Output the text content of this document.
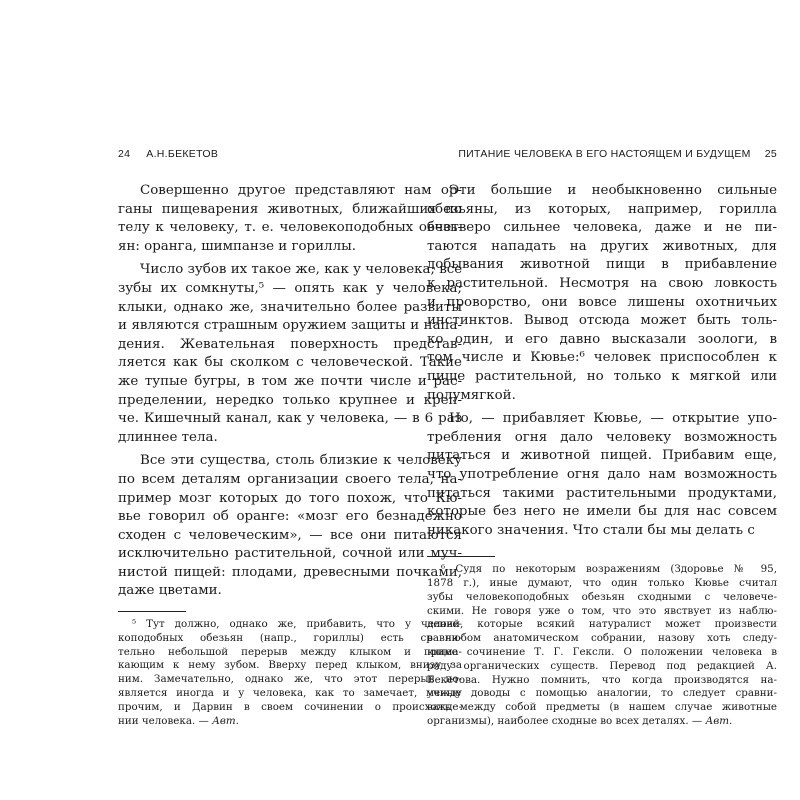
24 А.Н.БЕКЕТОВ
Совершенно другое представляют нам ор-
ганы пищеварения животных, ближайших по
телу к человеку, т. е. человекоподобных обезь-
ян: оранга, шимпанзе и гориллы.
Число зубов их такое же, как у человека; все
зубы их сомкнуты,⁵ — опять как у человека;
клыки, однако же, значительно более развиты
и являются страшным оружием защиты и напа-
дения. Жевательная поверхность представ-
ляется как бы сколком с человеческой. Такие
же тупые бугры, в том же почти числе и рас-
пределении, нередко только крупнее и креп-
че. Кишечный канал, как у человека, — в 6 раз
длиннее тела.
Все эти существа, столь близкие к человеку
по всем деталям организации своего тела, на-
пример мозг которых до того похож, что Кю-
вье говорил об оранге: «мозг его безнадежно
сходен с человеческим», — все они питаются
исключительно растительной, сочной или муч-
нистой пищей: плодами, древесными почками,
даже цветами.
⁵ Тут должно, однако же, прибавить, что у челове-
коподобных обезьян (напр., гориллы) есть сравни-
тельно небольшой перерыв между клыком и прима-
кающим к нему зубом. Вверху перед клыком, внизу за
ним. Замечательно, однако же, что этот перерыв по-
является иногда и у человека, как то замечает, между
прочим, и Дарвин в своем сочинении о происхожде-
нии человека. — Авт.
ПИТАНИЕ ЧЕЛОВЕКА В ЕГО НАСТОЯЩЕМ И БУДУЩЕМ 25
Эти большие и необыкновенно сильные
обезьяны, из которых, например, горилла
вчетверо сильнее человека, даже и не пи-
таются нападать на других животных, для
добывания животной пищи в прибавление
к растительной. Несмотря на свою ловкость
и проворство, они вовсе лишены охотничьих
инстинктов. Вывод отсюда может быть толь-
ко один, и его давно высказали зоологи, в
том числе и Кювье:⁶ человек приспособлен к
пище растительной, но только к мягкой или
полумягкой.
Но, — прибавляет Кювье, — открытие упо-
требления огня дало человеку возможность
питаться и животной пищей. Прибавим еще,
что употребление огня дало нам возможность
питаться такими растительными продуктами,
которые без него не имели бы для нас совсем
никакого значения. Что стали бы мы делать с
⁶ Судя по некоторым возражениям (Здоровье № 95,
1878 г.), иные думают, что один только Кювье считал
зубы человекоподобных обезьян сходными с человече-
скими. Не говоря уже о том, что это явствует из наблю-
дений, которые всякий натуралист может произвести
в любом анатомическом собрании, назову хоть следу-
ющее сочинение Т. Г. Гексли. О положении человека в
ряду органических существ. Перевод под редакцией А.
Бекетова. Нужно помнить, что когда производятся на-
учные доводы с помощью аналогии, то следует сравни-
вать между собой предметы (в нашем случае животные
организмы), наиболее сходные во всех деталях. — Авт.
